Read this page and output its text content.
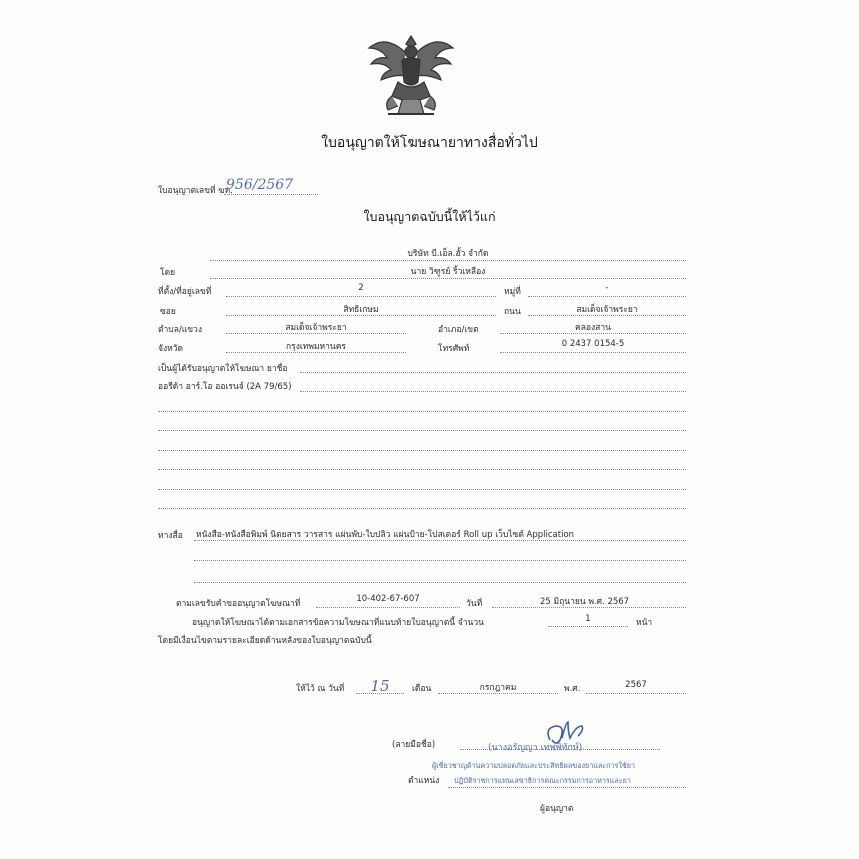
ใบอนุญาตให้โฆษณายาทางสื่อทั่วไป
ใบอนุญาตเลขที่ ฆท.
956/2567
ใบอนุญาตฉบับนี้ให้ไว้แก่
บริษัท บี.เอ็ล.ฮั้ว จำกัด
โดย	นาย วิฑูรย์ ริ้วเหลือง
ที่ตั้ง/ที่อยู่เลขที่	2	หมู่ที่	-
ซอย	สิทธิเกษม	ถนน	สมเด็จเจ้าพระยา
ตำบล/แขวง	สมเด็จเจ้าพระยา	อำเภอ/เขต	คลองสาน
จังหวัด	กรุงเทพมหานคร	โทรศัพท์	0 2437 0154-5
เป็นผู้ได้รับอนุญาตให้โฆษณา ยาชื่อ
ออรีด้า อาร์.โอ ออเรนจ์ (2A 79/65)
ทางสื่อ หนังสือ-หนังสือพิมพ์ นิตยสาร วารสาร แผ่นพับ-ใบปลิว แผ่นป้าย-โปสเตอร์ Roll up เว็บไซต์ Application
ตามเลขรับคำขออนุญาตโฆษณาที่	10-402-67-607	วันที่	25 มิถุนายน พ.ศ. 2567
อนุญาตให้โฆษณาได้ตามเอกสารข้อความโฆษณาที่แนบท้ายใบอนุญาตนี้ จำนวน	1	หน้า
โดยมีเงื่อนไขตามรายละเอียดด้านหลังของใบอนุญาตฉบับนี้
ให้ไว้ ณ วันที่	15	เดือน	กรกฎาคม	พ.ศ.	2567
(ลายมือชื่อ)	(นางอรัญญา เทพพิทักษ์)
ผู้เชี่ยวชาญด้านความปลอดภัยและประสิทธิผลของยาและการใช้ยา
ตำแหน่ง ปฏิบัติราชการแทนเลขาธิการคณะกรรมการอาหารและยา
ผู้อนุญาต
